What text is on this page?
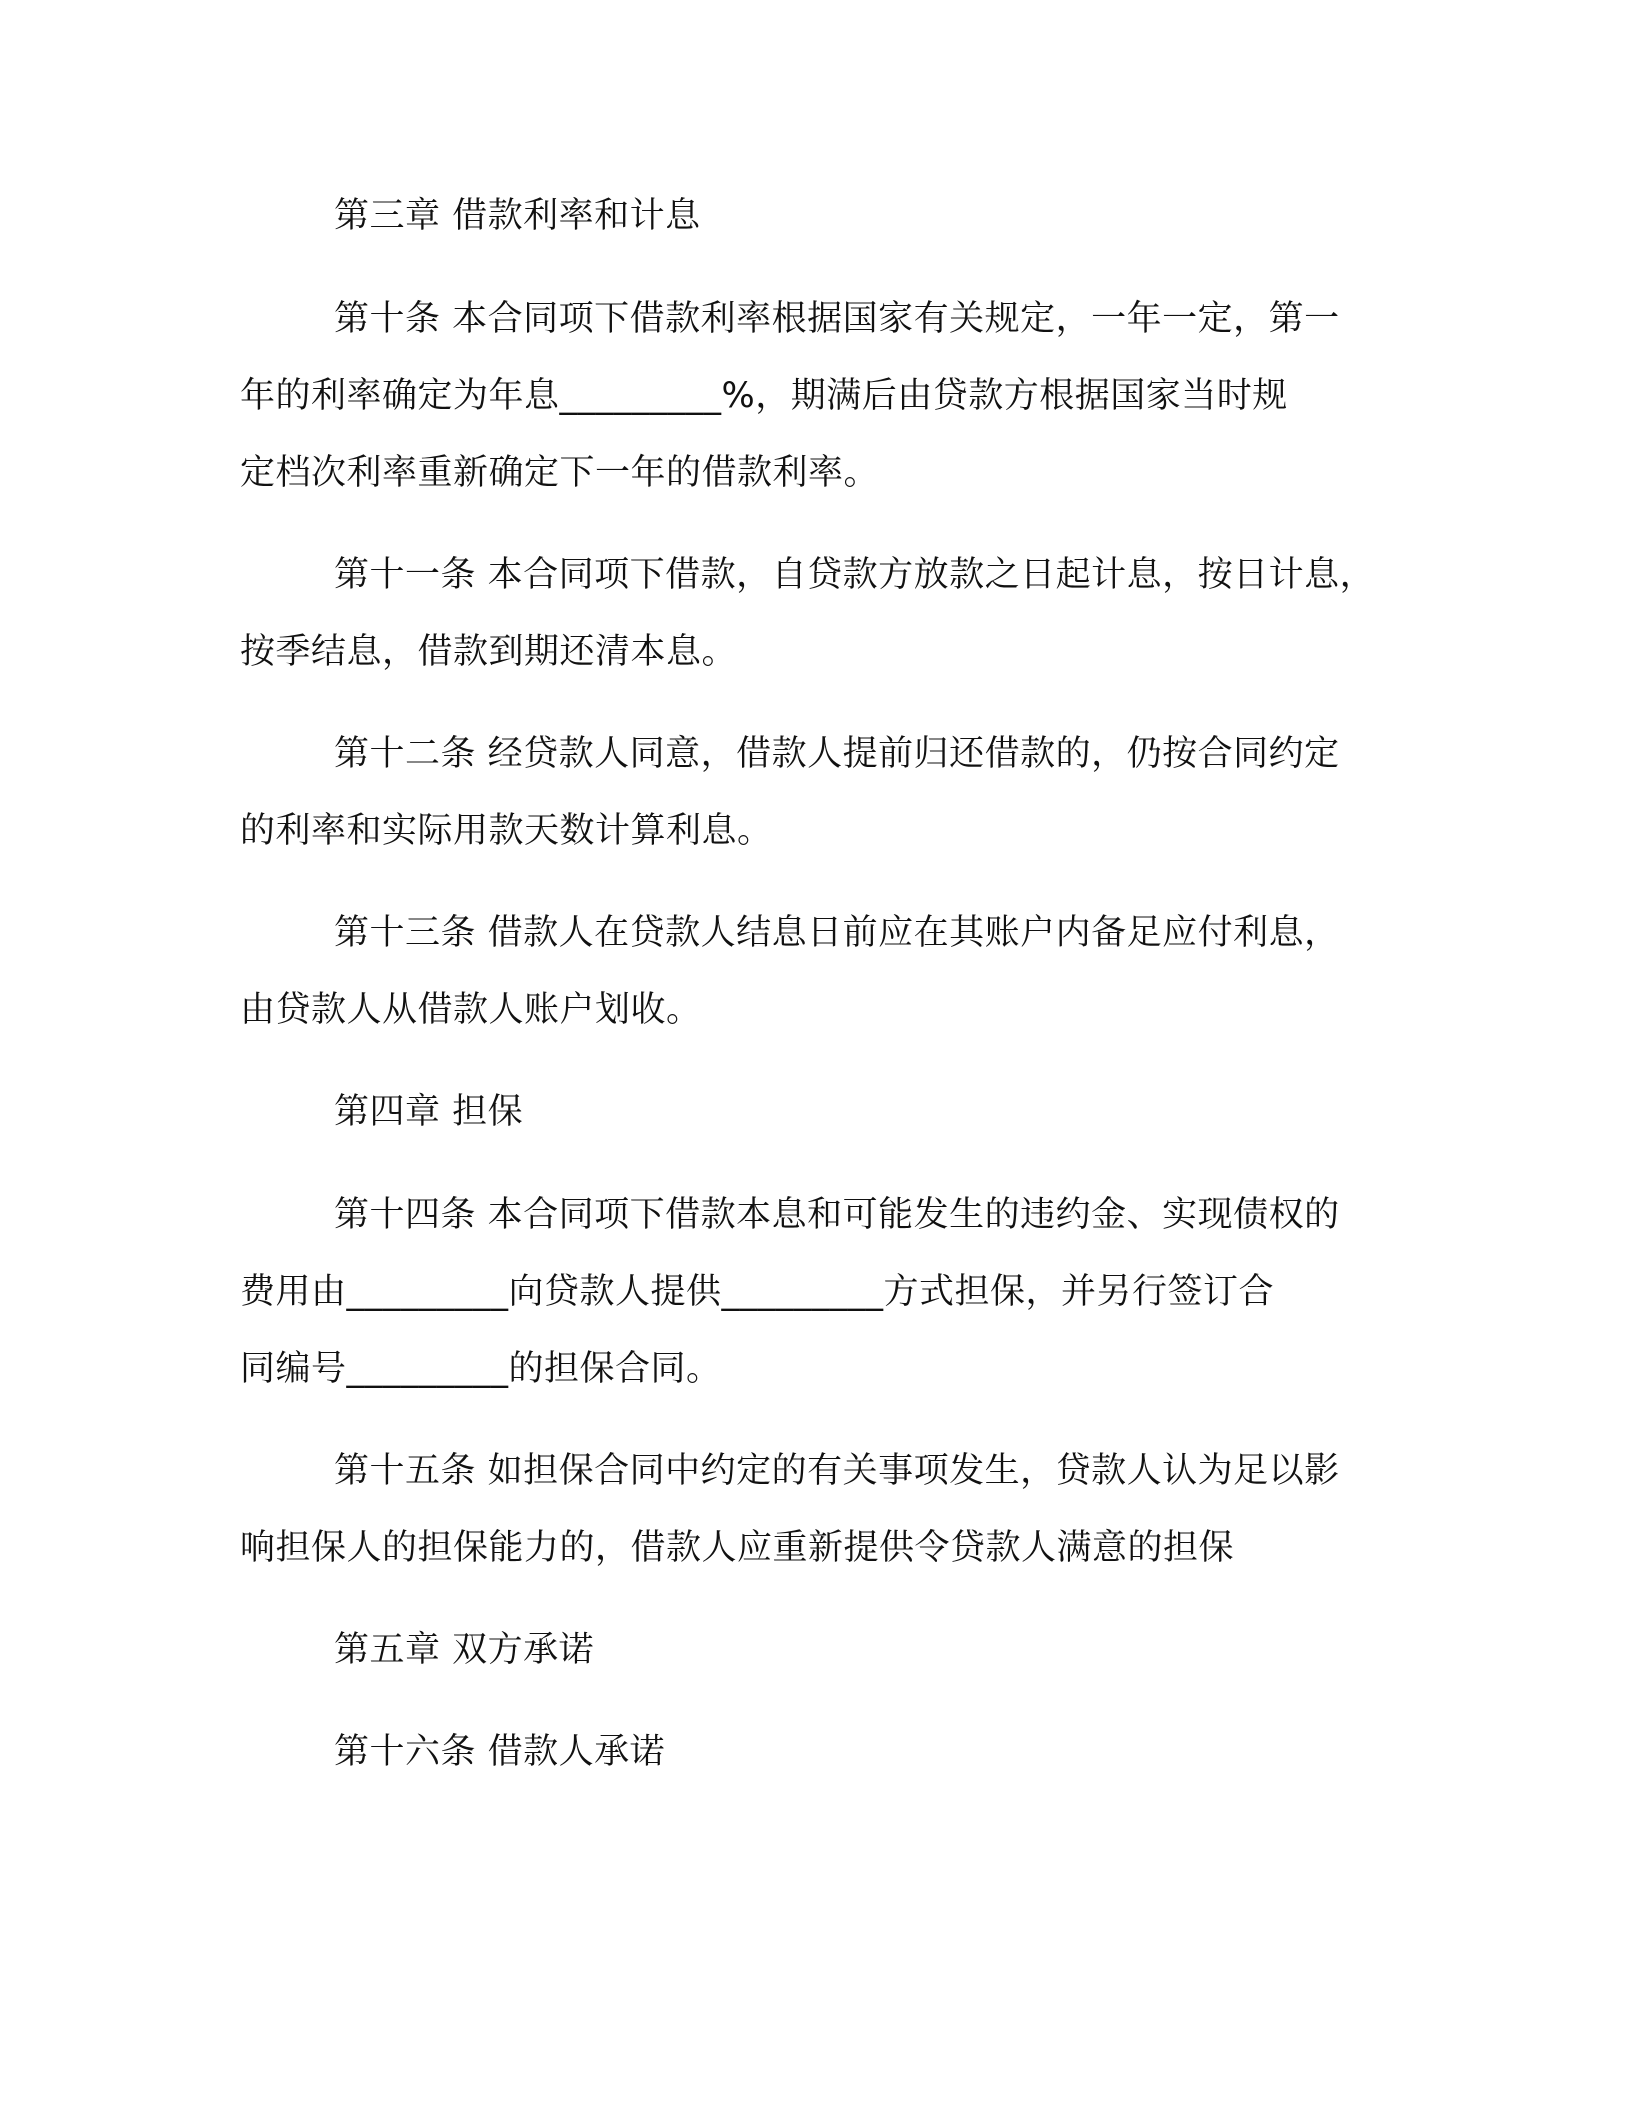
第三章 借款利率和计息
第十条 本合同项下借款利率根据国家有关规定，一年一定，第一
年的利率确定为年息_________%，期满后由贷款方根据国家当时规
定档次利率重新确定下一年的借款利率。
第十一条 本合同项下借款，自贷款方放款之日起计息，按日计息，
按季结息，借款到期还清本息。
第十二条 经贷款人同意，借款人提前归还借款的，仍按合同约定
的利率和实际用款天数计算利息。
第十三条 借款人在贷款人结息日前应在其账户内备足应付利息，
由贷款人从借款人账户划收。
第四章 担保
第十四条 本合同项下借款本息和可能发生的违约金、实现债权的
费用由_________向贷款人提供_________方式担保，并另行签订合
同编号_________的担保合同。
第十五条 如担保合同中约定的有关事项发生，贷款人认为足以影
响担保人的担保能力的，借款人应重新提供令贷款人满意的担保
第五章 双方承诺
第十六条 借款人承诺
